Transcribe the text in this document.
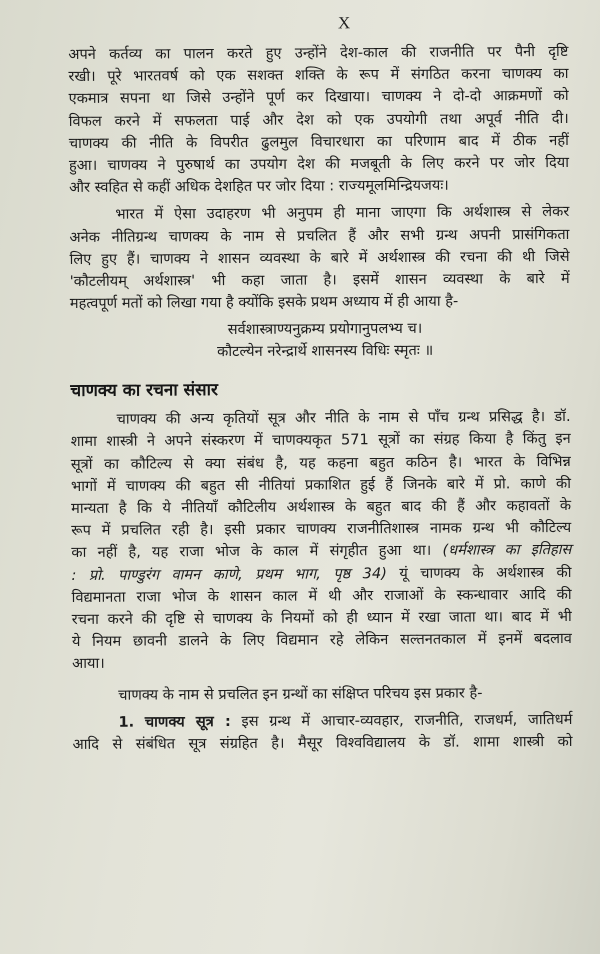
X
अपने कर्तव्य का पालन करते हुए उन्होंने देश-काल की राजनीति पर पैनी दृष्टि
रखी। पूरे भारतवर्ष को एक सशक्त शक्ति के रूप में संगठित करना चाणक्य का
एकमात्र सपना था जिसे उन्होंने पूर्ण कर दिखाया। चाणक्य ने दो-दो आक्रमणों को
विफल करने में सफलता पाई और देश को एक उपयोगी तथा अपूर्व नीति दी।
चाणक्य की नीति के विपरीत ढुलमुल विचारधारा का परिणाम बाद में ठीक नहीं
हुआ। चाणक्य ने पुरुषार्थ का उपयोग देश की मजबूती के लिए करने पर जोर दिया
और स्वहित से कहीं अधिक देशहित पर जोर दिया : राज्यमूलमिन्द्रियजयः।
भारत में ऐसा उदाहरण भी अनुपम ही माना जाएगा कि अर्थशास्त्र से लेकर
अनेक नीतिग्रन्थ चाणक्य के नाम से प्रचलित हैं और सभी ग्रन्थ अपनी प्रासंगिकता
लिए हुए हैं। चाणक्य ने शासन व्यवस्था के बारे में अर्थशास्त्र की रचना की थी जिसे
'कौटलीयम् अर्थशास्त्र' भी कहा जाता है। इसमें शासन व्यवस्था के बारे में
महत्वपूर्ण मतों को लिखा गया है क्योंकि इसके प्रथम अध्याय में ही आया है-
सर्वशास्त्राण्यनुक्रम्य प्रयोगानुपलभ्य च।
कौटल्येन नरेन्द्रार्थे शासनस्य विधिः स्मृतः ॥
चाणक्य का रचना संसार
चाणक्य की अन्य कृतियों सूत्र और नीति के नाम से पाँच ग्रन्थ प्रसिद्ध है। डॉ.
शामा शास्त्री ने अपने संस्करण में चाणक्यकृत 571 सूत्रों का संग्रह किया है किंतु इन
सूत्रों का कौटिल्य से क्या संबंध है, यह कहना बहुत कठिन है। भारत के विभिन्न
भागों में चाणक्य की बहुत सी नीतियां प्रकाशित हुई हैं जिनके बारे में प्रो. काणे की
मान्यता है कि ये नीतियाँ कौटिलीय अर्थशास्त्र के बहुत बाद की हैं और कहावतों के
रूप में प्रचलित रही है। इसी प्रकार चाणक्य राजनीतिशास्त्र नामक ग्रन्थ भी कौटिल्य
का नहीं है, यह राजा भोज के काल में संगृहीत हुआ था। (धर्मशास्त्र का इतिहास
: प्रो. पाण्डुरंग वामन काणे, प्रथम भाग, पृष्ठ 34) यूं चाणक्य के अर्थशास्त्र की
विद्यमानता राजा भोज के शासन काल में थी और राजाओं के स्कन्धावार आदि की
रचना करने की दृष्टि से चाणक्य के नियमों को ही ध्यान में रखा जाता था। बाद में भी
ये नियम छावनी डालने के लिए विद्यमान रहे लेकिन सल्तनतकाल में इनमें बदलाव
आया।
चाणक्य के नाम से प्रचलित इन ग्रन्थों का संक्षिप्त परिचय इस प्रकार है-
1. चाणक्य सूत्र : इस ग्रन्थ में आचार-व्यवहार, राजनीति, राजधर्म, जातिधर्म
आदि से संबंधित सूत्र संग्रहित है। मैसूर विश्वविद्यालय के डॉ. शामा शास्त्री को
